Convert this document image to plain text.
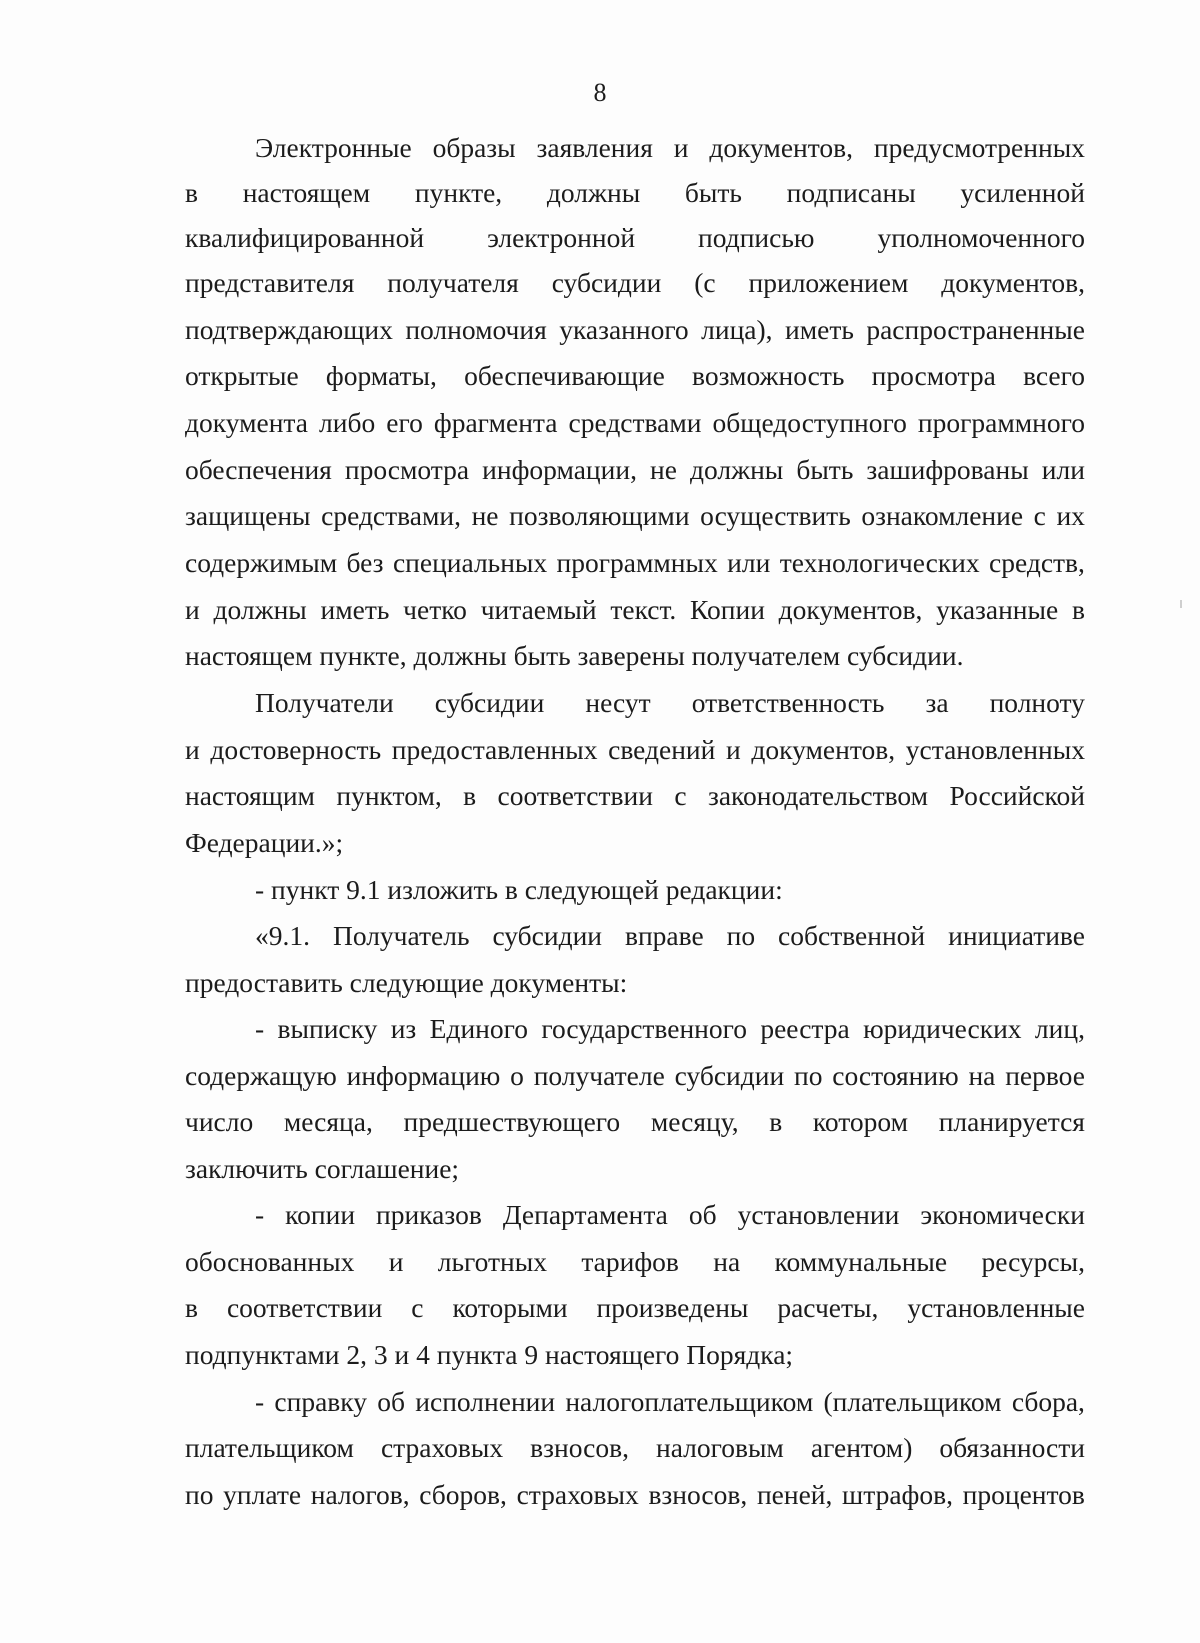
8
Электронные образы заявления и документов, предусмотренных
в настоящем пункте, должны быть подписаны усиленной
квалифицированной электронной подписью уполномоченного
представителя получателя субсидии (с приложением документов,
подтверждающих полномочия указанного лица), иметь распространенные
открытые форматы, обеспечивающие возможность просмотра всего
документа либо его фрагмента средствами общедоступного программного
обеспечения просмотра информации, не должны быть зашифрованы или
защищены средствами, не позволяющими осуществить ознакомление с их
содержимым без специальных программных или технологических средств,
и должны иметь четко читаемый текст. Копии документов, указанные в
настоящем пункте, должны быть заверены получателем субсидии.
Получатели субсидии несут ответственность за полноту
и достоверность предоставленных сведений и документов, установленных
настоящим пунктом, в соответствии с законодательством Российской
Федерации.»;
- пункт 9.1 изложить в следующей редакции:
«9.1. Получатель субсидии вправе по собственной инициативе
предоставить следующие документы:
- выписку из Единого государственного реестра юридических лиц,
содержащую информацию о получателе субсидии по состоянию на первое
число месяца, предшествующего месяцу, в котором планируется
заключить соглашение;
- копии приказов Департамента об установлении экономически
обоснованных и льготных тарифов на коммунальные ресурсы,
в соответствии с которыми произведены расчеты, установленные
подпунктами 2, 3 и 4 пункта 9 настоящего Порядка;
- справку об исполнении налогоплательщиком (плательщиком сбора,
плательщиком страховых взносов, налоговым агентом) обязанности
по уплате налогов, сборов, страховых взносов, пеней, штрафов, процентов
